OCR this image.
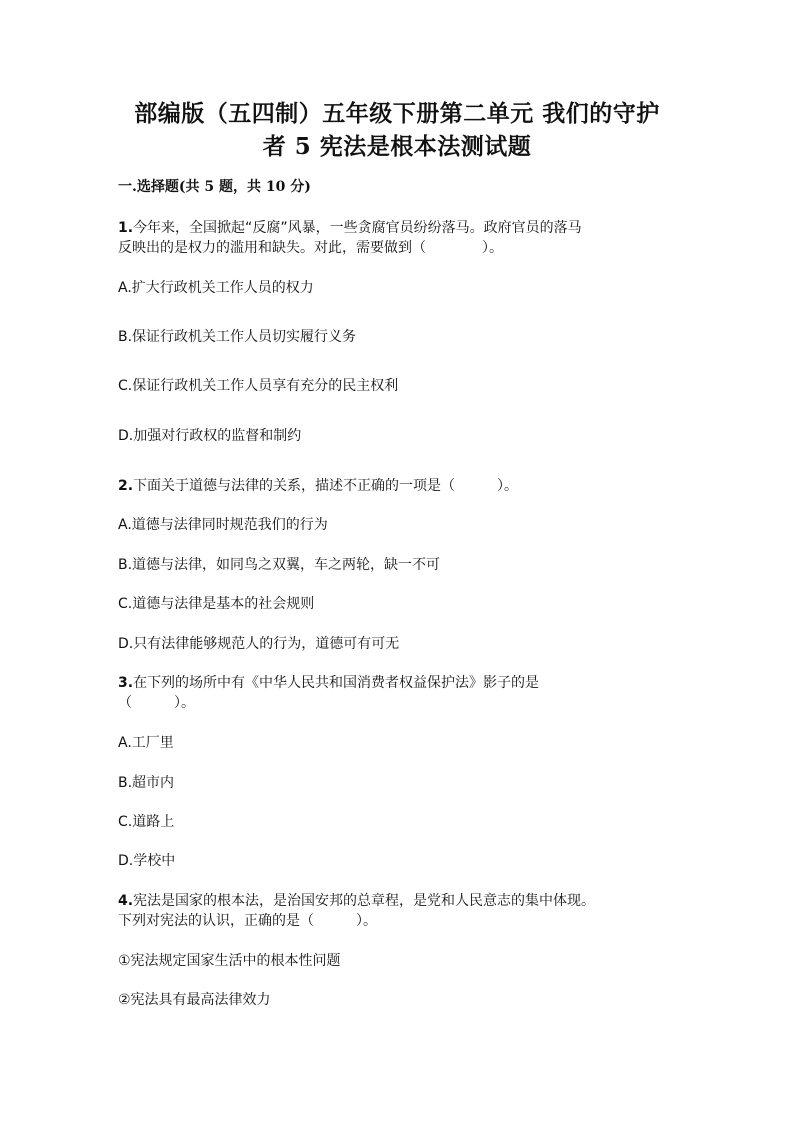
部编版（五四制）五年级下册第二单元 我们的守护
者 5 宪法是根本法测试题
一.选择题(共 5 题，共 10 分)
1.今年来，全国掀起“反腐”风暴，一些贪腐官员纷纷落马。政府官员的落马
反映出的是权力的滥用和缺失。对此，需要做到（　　　　）。
A.扩大行政机关工作人员的权力
B.保证行政机关工作人员切实履行义务
C.保证行政机关工作人员享有充分的民主权利
D.加强对行政权的监督和制约
2.下面关于道德与法律的关系，描述不正确的一项是（　　　）。
A.道德与法律同时规范我们的行为
B.道德与法律，如同鸟之双翼，车之两轮，缺一不可
C.道德与法律是基本的社会规则
D.只有法律能够规范人的行为，道德可有可无
3.在下列的场所中有《中华人民共和国消费者权益保护法》影子的是
（　　　）。
A.工厂里
B.超市内
C.道路上
D.学校中
4.宪法是国家的根本法，是治国安邦的总章程，是党和人民意志的集中体现。
下列对宪法的认识，正确的是（　　　）。
①宪法规定国家生活中的根本性问题
②宪法具有最高法律效力
